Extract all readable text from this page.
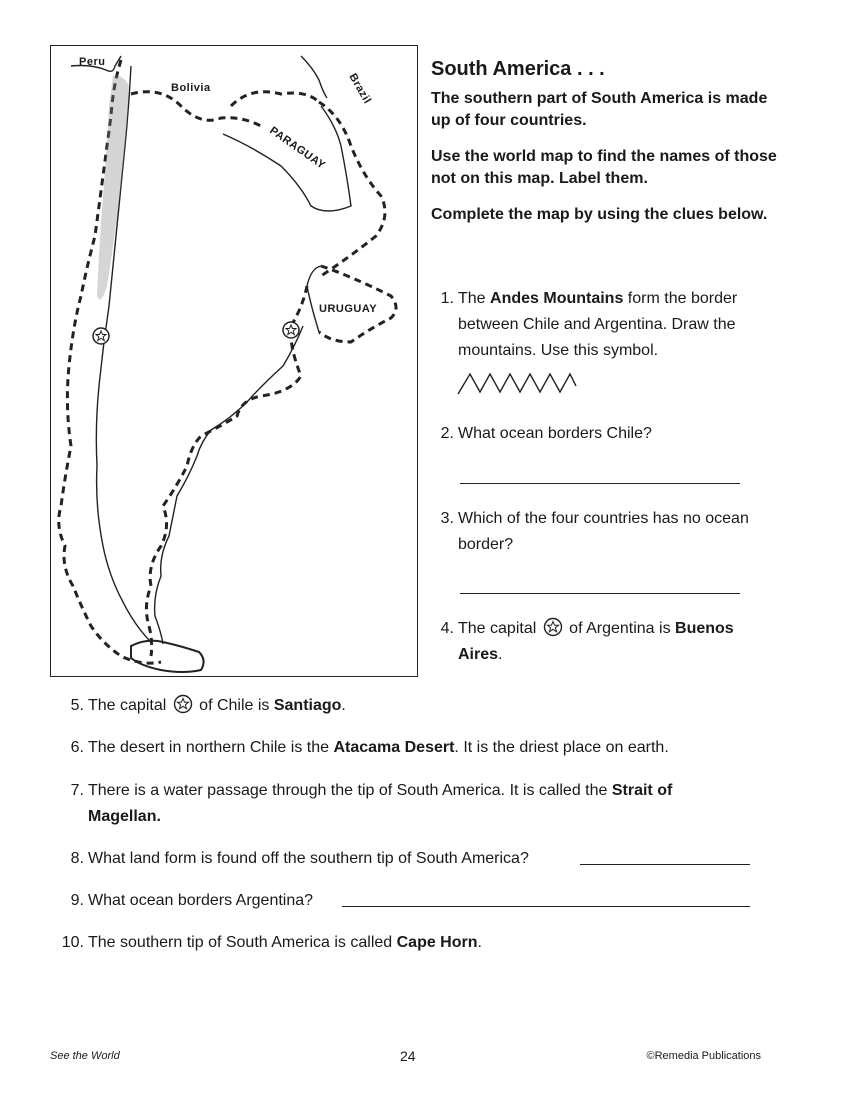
Peru
Bolivia	Brazil
PARAGUAY
URUGUAY
South America . . .
The southern part of South America is made up of four countries.
Use the world map to find the names of those not on this map. Label them.
Complete the map by using the clues below.
1. The Andes Mountains form the border between Chile and Argentina. Draw the mountains. Use this symbol.
2. What ocean borders Chile?
3. Which of the four countries has no ocean border?
4. The capital  of Argentina is Buenos Aires.
5. The capital  of Chile is Santiago.
6. The desert in northern Chile is the Atacama Desert. It is the driest place on earth.
7. There is a water passage through the tip of South America. It is called the Strait of Magellan.
8. What land form is found off the southern tip of South America?
9. What ocean borders Argentina?
10. The southern tip of South America is called Cape Horn.
See the World	24	©Remedia Publications
